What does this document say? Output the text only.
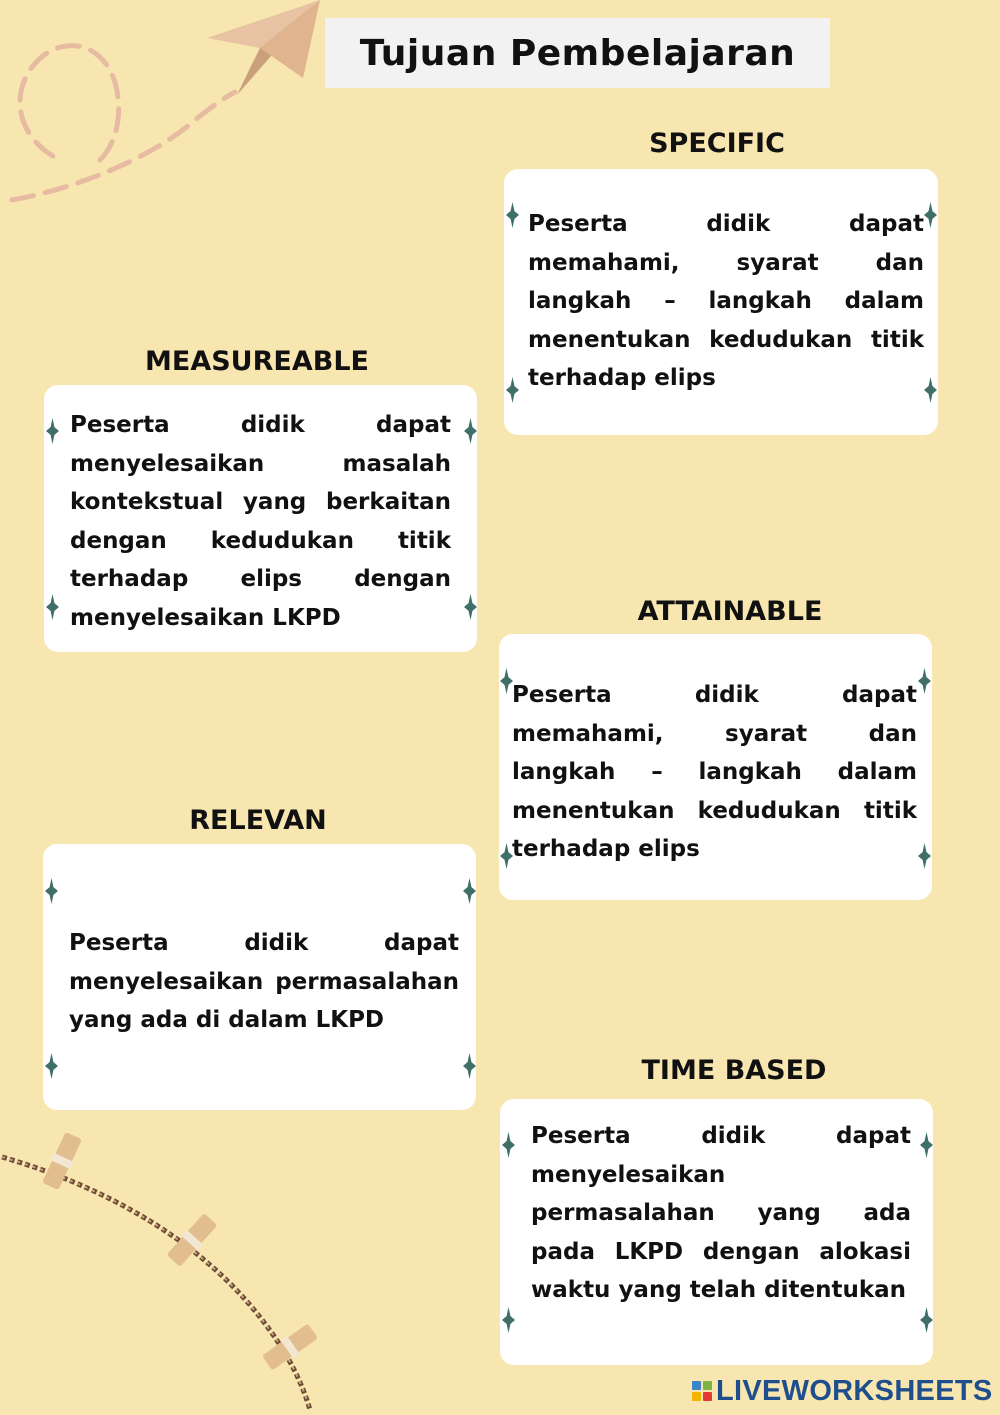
Tujuan Pembelajaran
SPECIFIC

Peserta didik dapat
memahami, syarat dan
langkah – langkah dalam
menentukan kedudukan titik
terhadap elips

MEASUREABLE

Peserta didik dapat
menyelesaikan masalah
kontekstual yang berkaitan
dengan kedudukan titik
terhadap elips dengan
menyelesaikan LKPD	ATTAINABLE

Peserta didik dapat
memahami, syarat dan
langkah – langkah dalam
menentukan kedudukan titik
terhadap elips

RELEVAN

Peserta didik dapat
menyelesaikan permasalahan
yang ada di dalam LKPD

TIME BASED

Peserta didik dapat
menyelesaikan
permasalahan yang ada
pada LKPD dengan alokasi
waktu yang telah ditentukan

LIVEWORKSHEETS
